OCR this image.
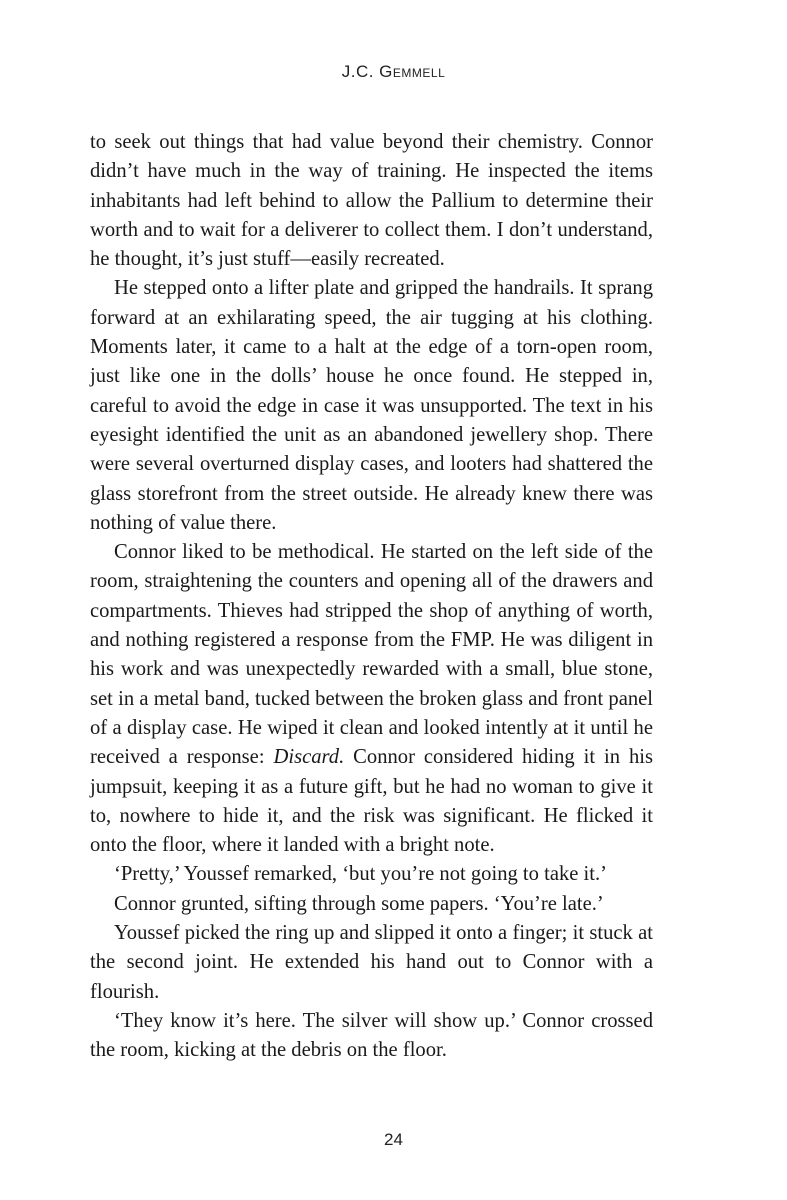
J.C. Gemmell

to seek out things that had value beyond their chemistry. Connor didn’t have much in the way of training. He inspected the items inhabitants had left behind to allow the Pallium to determine their worth and to wait for a deliverer to collect them. I don’t understand, he thought, it’s just stuff—easily recreated.

He stepped onto a lifter plate and gripped the handrails. It sprang forward at an exhilarating speed, the air tugging at his clothing. Moments later, it came to a halt at the edge of a torn-open room, just like one in the dolls’ house he once found. He stepped in, careful to avoid the edge in case it was unsupported. The text in his eyesight identified the unit as an abandoned jewellery shop. There were several overturned display cases, and looters had shattered the glass storefront from the street outside. He already knew there was nothing of value there.

Connor liked to be methodical. He started on the left side of the room, straightening the counters and opening all of the drawers and compartments. Thieves had stripped the shop of anything of worth, and nothing registered a response from the FMP. He was diligent in his work and was unexpectedly rewarded with a small, blue stone, set in a metal band, tucked between the broken glass and front panel of a display case. He wiped it clean and looked intently at it until he received a response: Discard. Connor considered hiding it in his jumpsuit, keeping it as a future gift, but he had no woman to give it to, nowhere to hide it, and the risk was significant. He flicked it onto the floor, where it landed with a bright note.

‘Pretty,’ Youssef remarked, ‘but you’re not going to take it.’

Connor grunted, sifting through some papers. ‘You’re late.’

Youssef picked the ring up and slipped it onto a finger; it stuck at the second joint. He extended his hand out to Connor with a flourish.

‘They know it’s here. The silver will show up.’ Connor crossed the room, kicking at the debris on the floor.

24
